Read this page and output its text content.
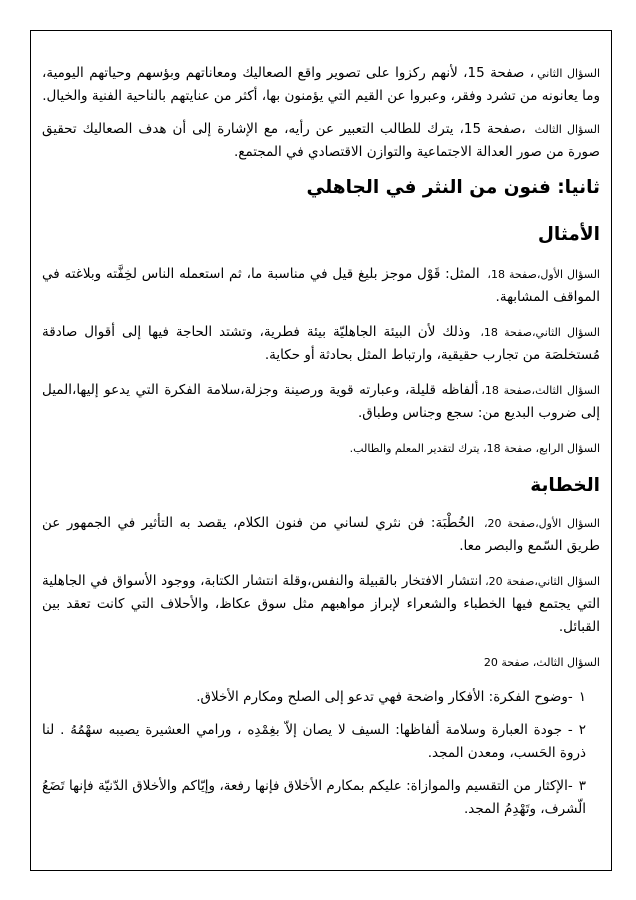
السؤال الثاني، صفحة 15، لأنهم ركزوا على تصوير واقع الصعاليك ومعاناتهم وبؤسهم وحياتهم اليومية، وما يعانونه من تشرد وفقر، وعبروا عن القيم التي يؤمنون بها، أكثر من عنايتهم بالناحية الفنية والخيال.

السؤال الثالث ،صفحة 15، يترك للطالب التعبير عن رأيه، مع الإشارة إلى أن هدف الصعاليك تحقيق صورة من صور العدالة الاجتماعية والتوازن الاقتصادي في المجتمع.

ثانيا: فنون من النثر في الجاهلي
الأمثال

السؤال الأول،صفحة 18، المثل: قَوْل موجز بليغ قيل في مناسبة ما، ثم استعمله الناس لخِفَّته وبلاغته في المواقف المشابهة.

السؤال الثاني،صفحة 18، وذلك لأن البيئة الجاهليّة بيئة فطرية، وتشتد الحاجة فيها إلى أقوال صادقة مُستخلصَة من تجارب حقيقية، وارتباط المثل بحادثة أو حكاية.

السؤال الثالث،صفحة 18،ألفاظه قليلة، وعبارته قوية ورصينة وجزلة،سلامة الفكرة التي يدعو إليها،الميل إلى ضروب البديع من: سجع وجناس وطباق.

السؤال الرابع، صفحة 18، يترك لتقدير المعلم والطالب.

الخطابة

السؤال الأول،صفحة 20، الخُطْبَة: فن نثري لساني من فنون الكلام، يقصد به التأثير في الجمهور عن طريق السّمع والبصر معا.

السؤال الثاني،صفحة 20،انتشار الافتخار بالقبيلة والنفس،وقلة انتشار الكتابة، ووجود الأسواق في الجاهلية التي يجتمع فيها الخطباء والشعراء لإبراز مواهبهم مثل سوق عكاظ، والأحلاف التي كانت تعقد بين القبائل.

السؤال الثالث، صفحة 20

١-وضوح الفكرة: الأفكار واضحة فهي تدعو إلى الصلح ومكارم الأخلاق.
٢- جودة العبارة وسلامة ألفاظها: السيف لا يصان إلاّ بغِمْدِه ، ورامي العشيرة يصيبه سهْمُهُ . لنا ذروة الحَسب، ومعدن المجد.
٣-الإكثار من التقسيم والموازاة: عليكم بمكارم الأخلاق فإنها رفعة، وإيّاكم والأخلاق الدّنيّة فإنها تَضَعُ الّشرف، وتَهْدِمُ المجد.
